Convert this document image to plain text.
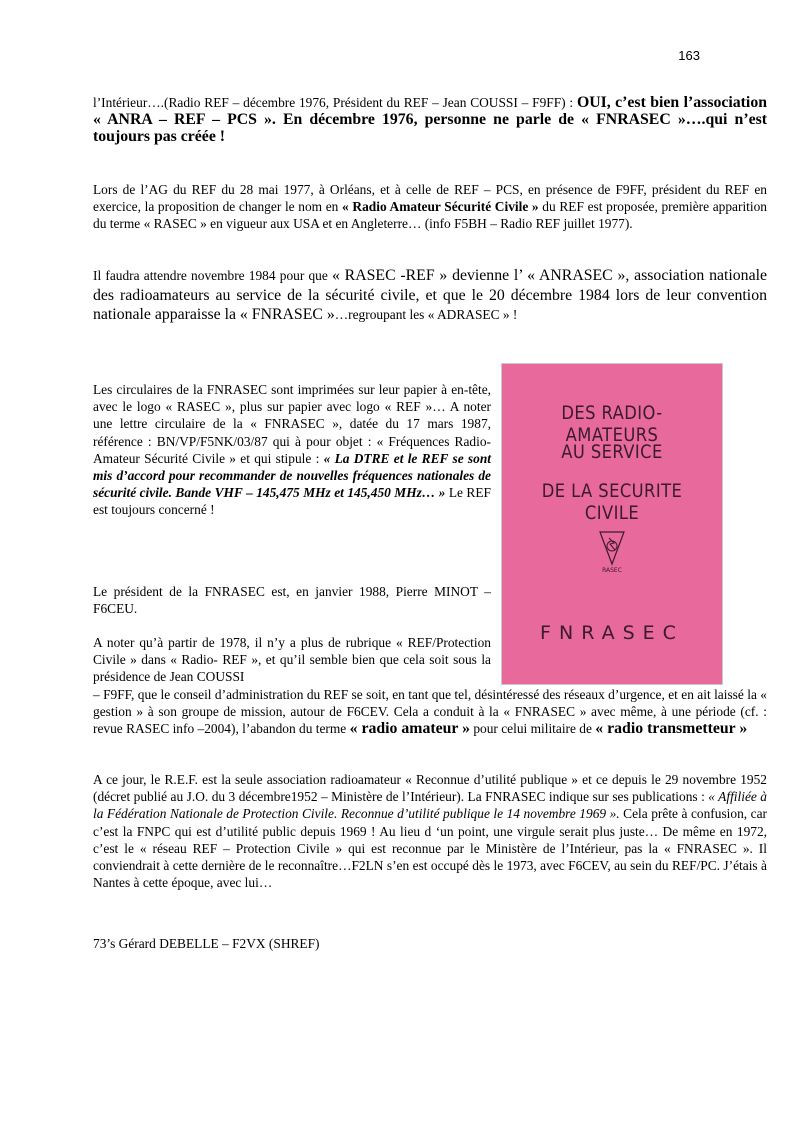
163
l’Intérieur….(Radio REF – décembre 1976, Président du REF – Jean COUSSI – F9FF) : OUI, c’est bien l’association « ANRA – REF – PCS ». En décembre 1976, personne ne parle de « FNRASEC »….qui n’est toujours pas créée !
Lors de l’AG du REF du 28 mai 1977, à Orléans, et à celle de REF – PCS, en présence de F9FF, président du REF en exercice, la proposition de changer le nom en « Radio Amateur Sécurité Civile » du REF est proposée, première apparition du terme « RASEC » en vigueur aux USA et en Angleterre… (info F5BH – Radio REF juillet 1977).
Il faudra attendre novembre 1984 pour que « RASEC -REF » devienne l’ « ANRASEC », association nationale des radioamateurs au service de la sécurité civile, et que le 20 décembre 1984 lors de leur convention nationale apparaisse la « FNRASEC »…regroupant les « ADRASEC » !
Les circulaires de la FNRASEC sont imprimées sur leur papier à en-tête, avec le logo « RASEC », plus sur papier avec logo « REF »… A noter une lettre circulaire de la « FNRASEC », datée du 17 mars 1987, référence : BN/VP/F5NK/03/87 qui à pour objet : « Fréquences Radio-Amateur Sécurité Civile » et qui stipule : « La DTRE et le REF se sont mis d’accord pour recommander de nouvelles fréquences nationales de sécurité civile. Bande VHF – 145,475 MHz et 145,450 MHz… » Le REF est toujours concerné !
Le président de la FNRASEC est, en janvier 1988, Pierre MINOT – F6CEU.
A noter qu’à partir de 1978, il n’y a plus de rubrique « REF/Protection Civile » dans « Radio- REF », et qu’il semble bien que cela soit sous la présidence de Jean COUSSI
– F9FF, que le conseil d’administration du REF se soit, en tant que tel, désintéressé des réseaux d’urgence, et en ait laissé la « gestion » à son groupe de mission, autour de F6CEV. Cela a conduit à la « FNRASEC » avec même, à une période (cf. : revue RASEC info –2004), l’abandon du terme « radio amateur » pour celui militaire de « radio transmetteur »
A ce jour, le R.E.F. est la seule association radioamateur « Reconnue d’utilité publique » et ce depuis le 29 novembre 1952 (décret publié au J.O. du 3 décembre1952 – Ministère de l’Intérieur). La FNRASEC indique sur ses publications : « Affiliée à la Fédération Nationale de Protection Civile. Reconnue d’utilité publique le 14 novembre 1969 ». Cela prête à confusion, car c’est la FNPC qui est d’utilité public depuis 1969 ! Au lieu d ‘un point, une virgule serait plus juste… De même en 1972, c’est le « réseau REF – Protection Civile » qui est reconnue par le Ministère de l’Intérieur, pas la « FNRASEC ». Il conviendrait à cette dernière de le reconnaître…F2LN s’en est occupé dès le 1973, avec F6CEV, au sein du REF/PC. J’étais à Nantes à cette époque, avec lui…
73’s Gérard DEBELLE – F2VX (SHREF)
DES RADIO-AMATEURS
AU SERVICE
DE LA SECURITE CIVILE
RASEC
FNRASEC
